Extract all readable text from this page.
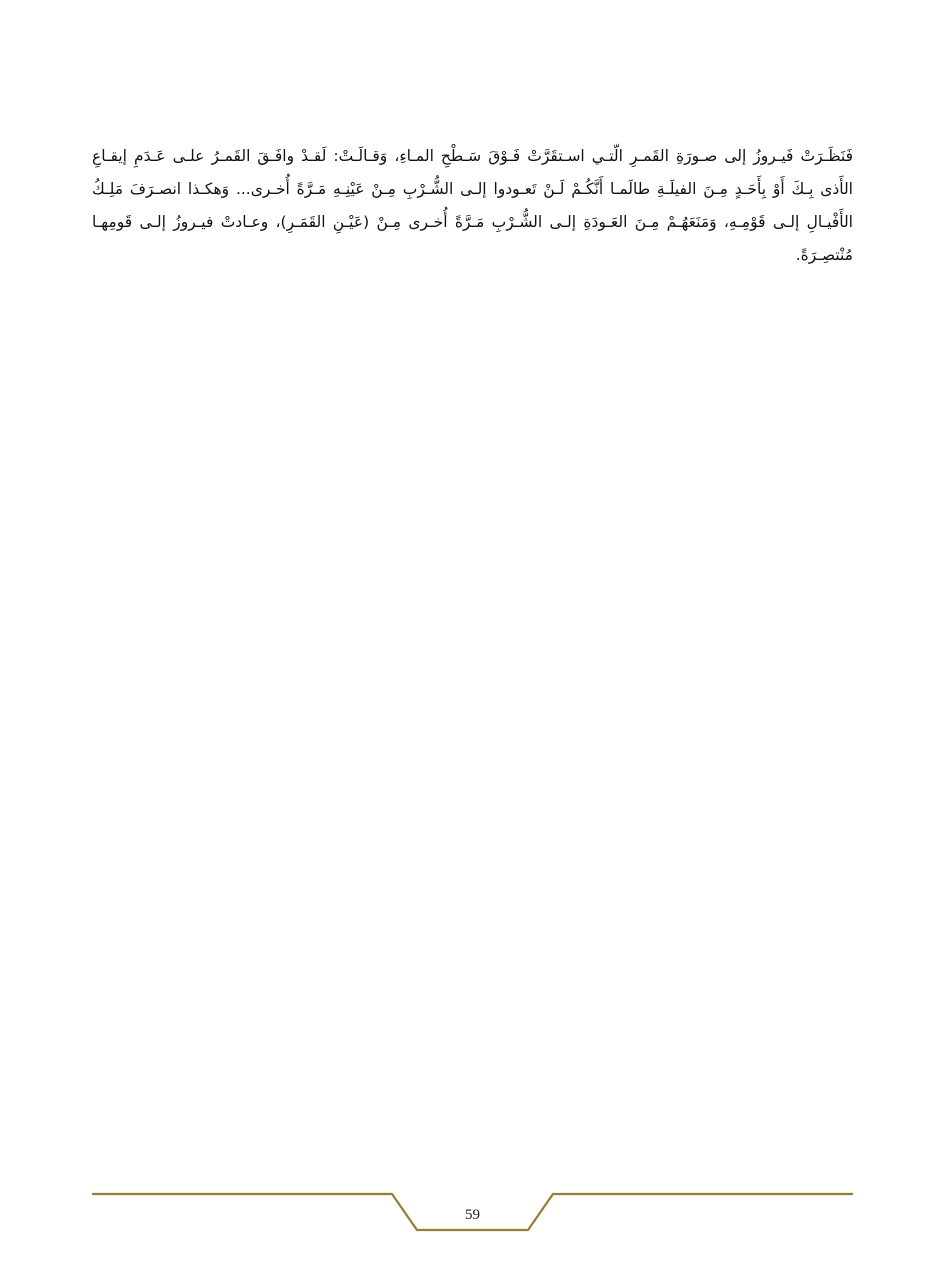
فَنَظَـرَتْ فَيـروزُ إلى صـورَةِ القَمـرِ الّتـي اسـتقَرَّتْ فَـوْقَ سَـطْحِ المـاءِ، وَقـالَـتْ: لَقـدْ وافَـقَ القَمـرُ علـى عَـدَمِ إيقـاعِ الأَذى بِـكَ أَوْ بِأَحَـدٍ مِـنَ الفيلَـةِ طالَمـا أَنَّكُـمْ لَـنْ تَعـودوا إلـى الشُّـرْبِ مِـنْ عَيْنِـهِ مَـرَّةً أُخـرى... وَهكـذا انصـرَفَ مَلِـكُ الأَفْيـالِ إلـى قَوْمِـهِ، وَمَنَعَهُـمْ مِـنَ العَـودَةِ إلـى الشُّـرْبِ مَـرَّةً أُخـرى مِـنْ (عَيْـنِ القَمَـرِ)، وعـادتْ فيـروزُ إلـى قَومِهـا مُنْتصِـرَةً.

59
